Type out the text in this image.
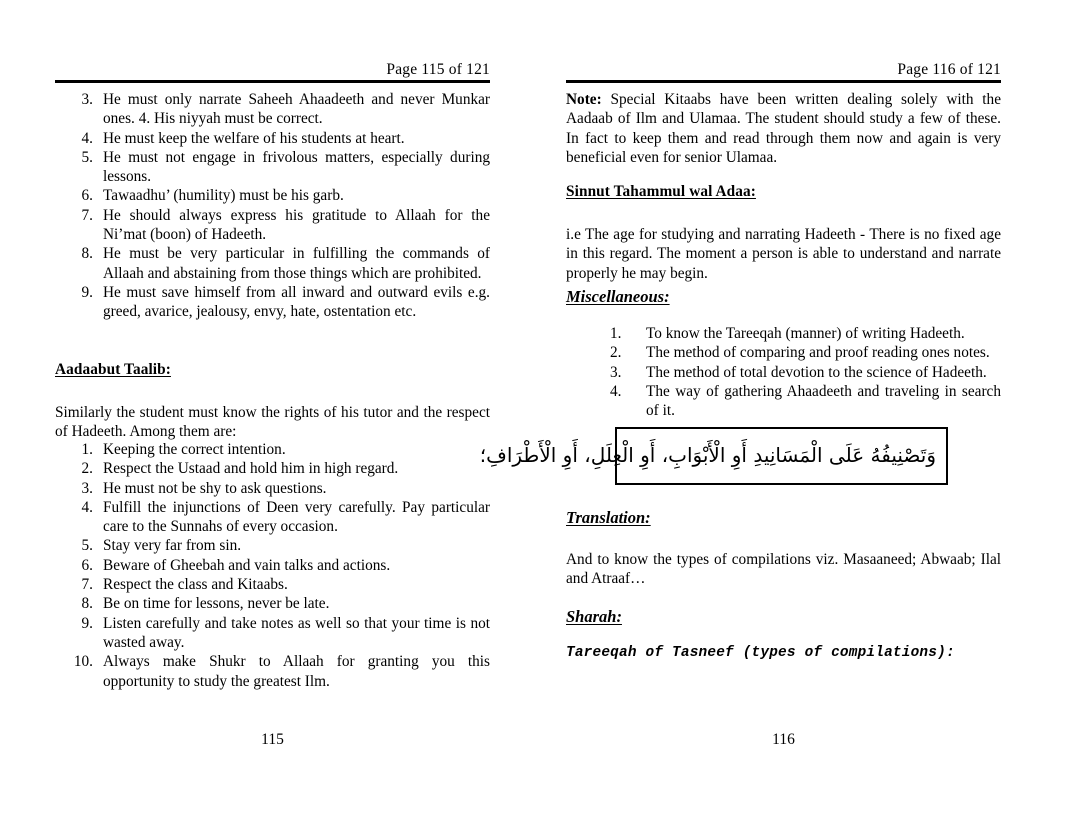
Page 115 of 121
3. He must only narrate Saheeh Ahaadeeth and never Munkar ones. 4. His niyyah must be correct.
4. He must keep the welfare of his students at heart.
5. He must not engage in frivolous matters, especially during lessons.
6. Tawaadhu’ (humility) must be his garb.
7. He should always express his gratitude to Allaah for the Ni’mat (boon) of Hadeeth.
8. He must be very particular in fulfilling the commands of Allaah and abstaining from those things which are prohibited.
9. He must save himself from all inward and outward evils e.g. greed, avarice, jealousy, envy, hate, ostentation etc.
Aadaabut Taalib:

Similarly the student must know the rights of his tutor and the respect of Hadeeth. Among them are:

1. Keeping the correct intention.
2. Respect the Ustaad and hold him in high regard.
3. He must not be shy to ask questions.
4. Fulfill the injunctions of Deen very carefully. Pay particular care to the Sunnahs of every occasion.
5. Stay very far from sin.
6. Beware of Gheebah and vain talks and actions.
7. Respect the class and Kitaabs.
8. Be on time for lessons, never be late.
9. Listen carefully and take notes as well so that your time is not wasted away.
10. Always make Shukr to Allaah for granting you this opportunity to study the greatest Ilm.
115
Page 116 of 121

Note: Special Kitaabs have been written dealing solely with the Aadaab of Ilm and Ulamaa. The student should study a few of these. In fact to keep them and read through them now and again is very beneficial even for senior Ulamaa.

Sinnut Tahammul wal Adaa:

i.e The age for studying and narrating Hadeeth - There is no fixed age in this regard. The moment a person is able to understand and narrate properly he may begin.

Miscellaneous:
1.	To know the Tareeqah (manner) of writing Hadeeth.
2.	The method of comparing and proof reading ones notes.
3.	The method of total devotion to the science of Hadeeth.
4.	The way of gathering Ahaadeeth and traveling in search of it.
وَتَصْنِيفُهُ عَلَى الْمَسَانِيدِ أَوِ الْأَبْوَابِ، أَوِ الْعِلَلِ، أَوِ الْأَطْرَافِ؛
Translation:

And to know the types of compilations viz. Masaaneed; Abwaab; Ilal and Atraaf…

Sharah:

Tareeqah of Tasneef (types of compilations):

116
